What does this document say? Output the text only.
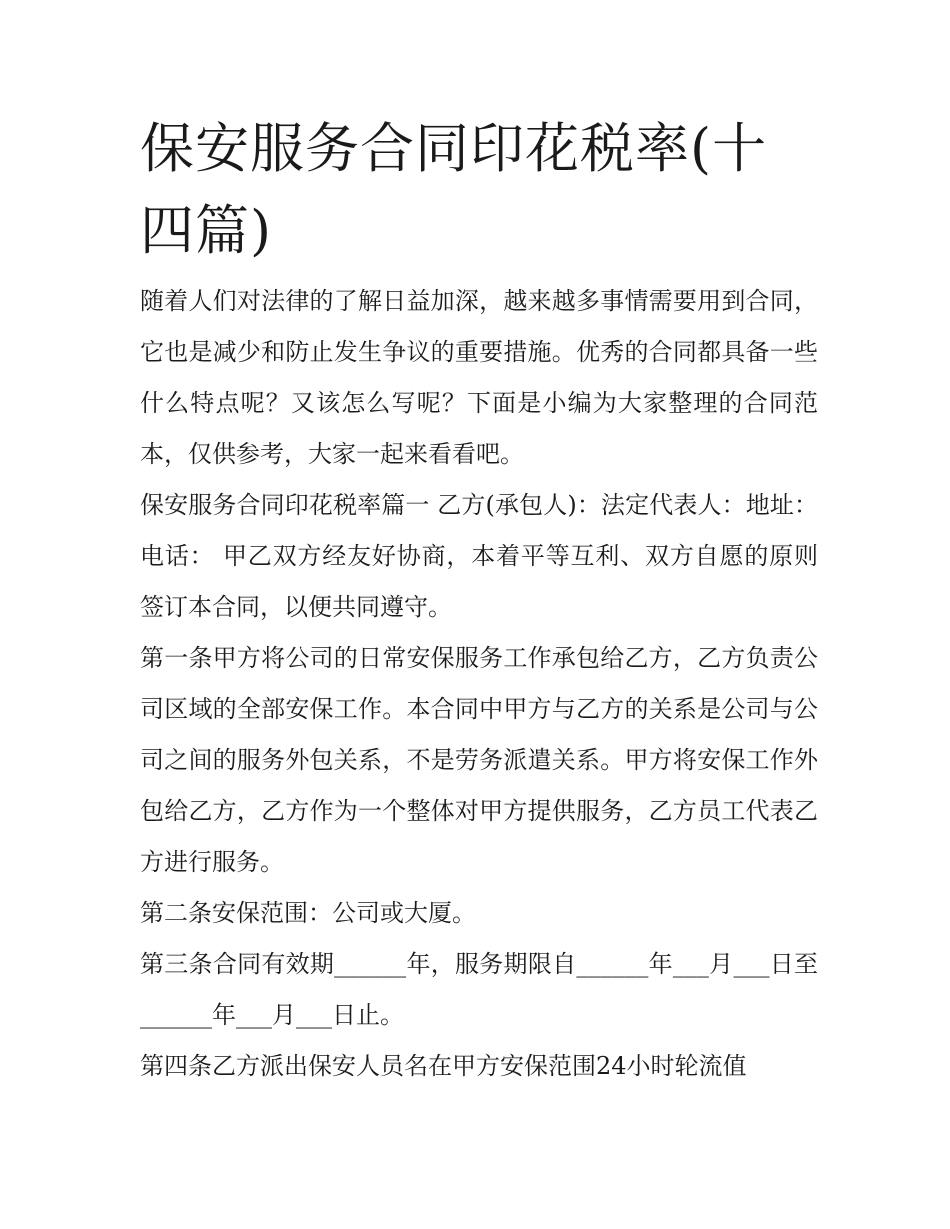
保安服务合同印花税率(十四篇)

随着人们对法律的了解日益加深，越来越多事情需要用到合同，它也是减少和防止发生争议的重要措施。优秀的合同都具备一些什么特点呢？又该怎么写呢？下面是小编为大家整理的合同范本，仅供参考，大家一起来看看吧。

保安服务合同印花税率篇一 乙方(承包人)：法定代表人：地址：电话： 甲乙双方经友好协商，本着平等互利、双方自愿的原则签订本合同，以便共同遵守。

第一条甲方将公司的日常安保服务工作承包给乙方，乙方负责公司区域的全部安保工作。本合同中甲方与乙方的关系是公司与公司之间的服务外包关系，不是劳务派遣关系。甲方将安保工作外包给乙方，乙方作为一个整体对甲方提供服务，乙方员工代表乙方进行服务。

第二条安保范围：公司或大厦。

第三条合同有效期______年，服务期限自______年___月___日至______年___月___日止。

第四条乙方派出保安人员名在甲方安保范围24小时轮流值
